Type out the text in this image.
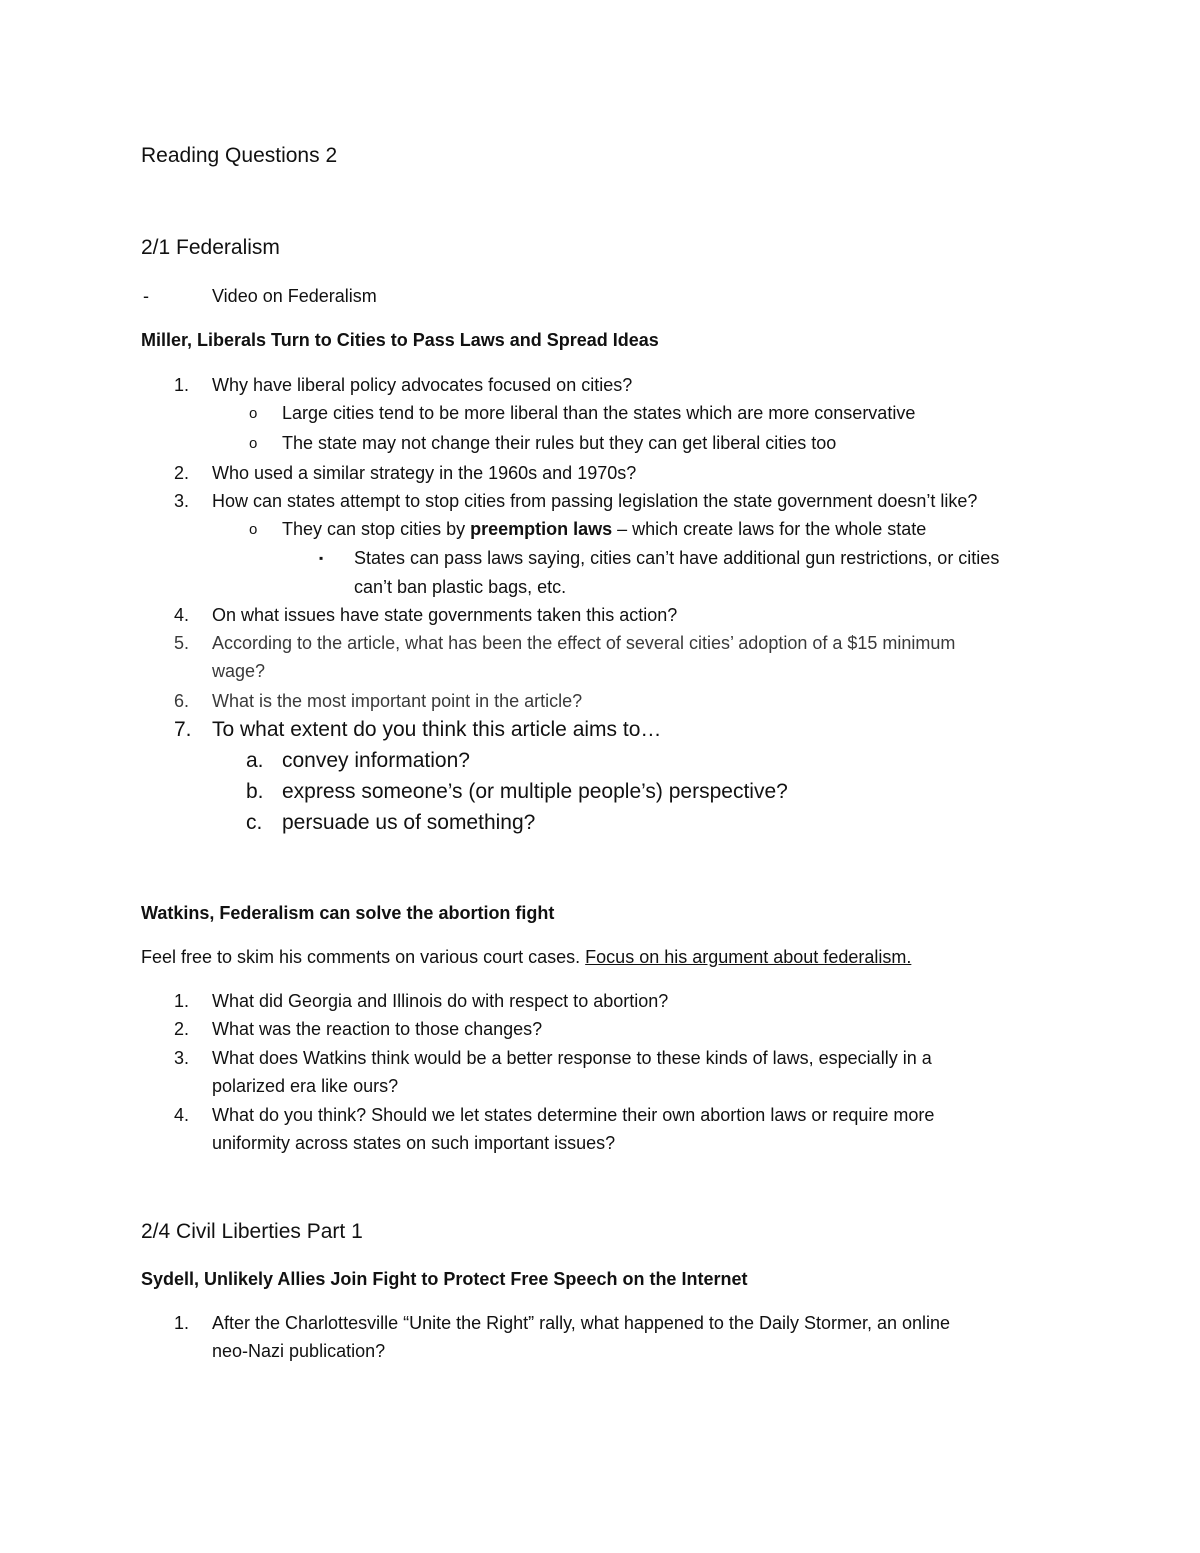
Reading Questions 2
2/1 Federalism
-	Video on Federalism
Miller, Liberals Turn to Cities to Pass Laws and Spread Ideas
1. Why have liberal policy advocates focused on cities?
o Large cities tend to be more liberal than the states which are more conservative
o The state may not change their rules but they can get liberal cities too
2. Who used a similar strategy in the 1960s and 1970s?
3. How can states attempt to stop cities from passing legislation the state government doesn’t like?
o They can stop cities by preemption laws – which create laws for the whole state
▪ States can pass laws saying, cities can’t have additional gun restrictions, or cities
can’t ban plastic bags, etc.
4. On what issues have state governments taken this action?
5. According to the article, what has been the effect of several cities’ adoption of a $15 minimum
wage?
6. What is the most important point in the article?
7. To what extent do you think this article aims to…
a. convey information?
b. express someone’s (or multiple people’s) perspective?
c. persuade us of something?
Watkins, Federalism can solve the abortion fight
Feel free to skim his comments on various court cases. Focus on his argument about federalism.
1. What did Georgia and Illinois do with respect to abortion?
2. What was the reaction to those changes?
3. What does Watkins think would be a better response to these kinds of laws, especially in a
polarized era like ours?
4. What do you think? Should we let states determine their own abortion laws or require more
uniformity across states on such important issues?
2/4 Civil Liberties Part 1
Sydell, Unlikely Allies Join Fight to Protect Free Speech on the Internet
1. After the Charlottesville “Unite the Right” rally, what happened to the Daily Stormer, an online
neo-Nazi publication?
